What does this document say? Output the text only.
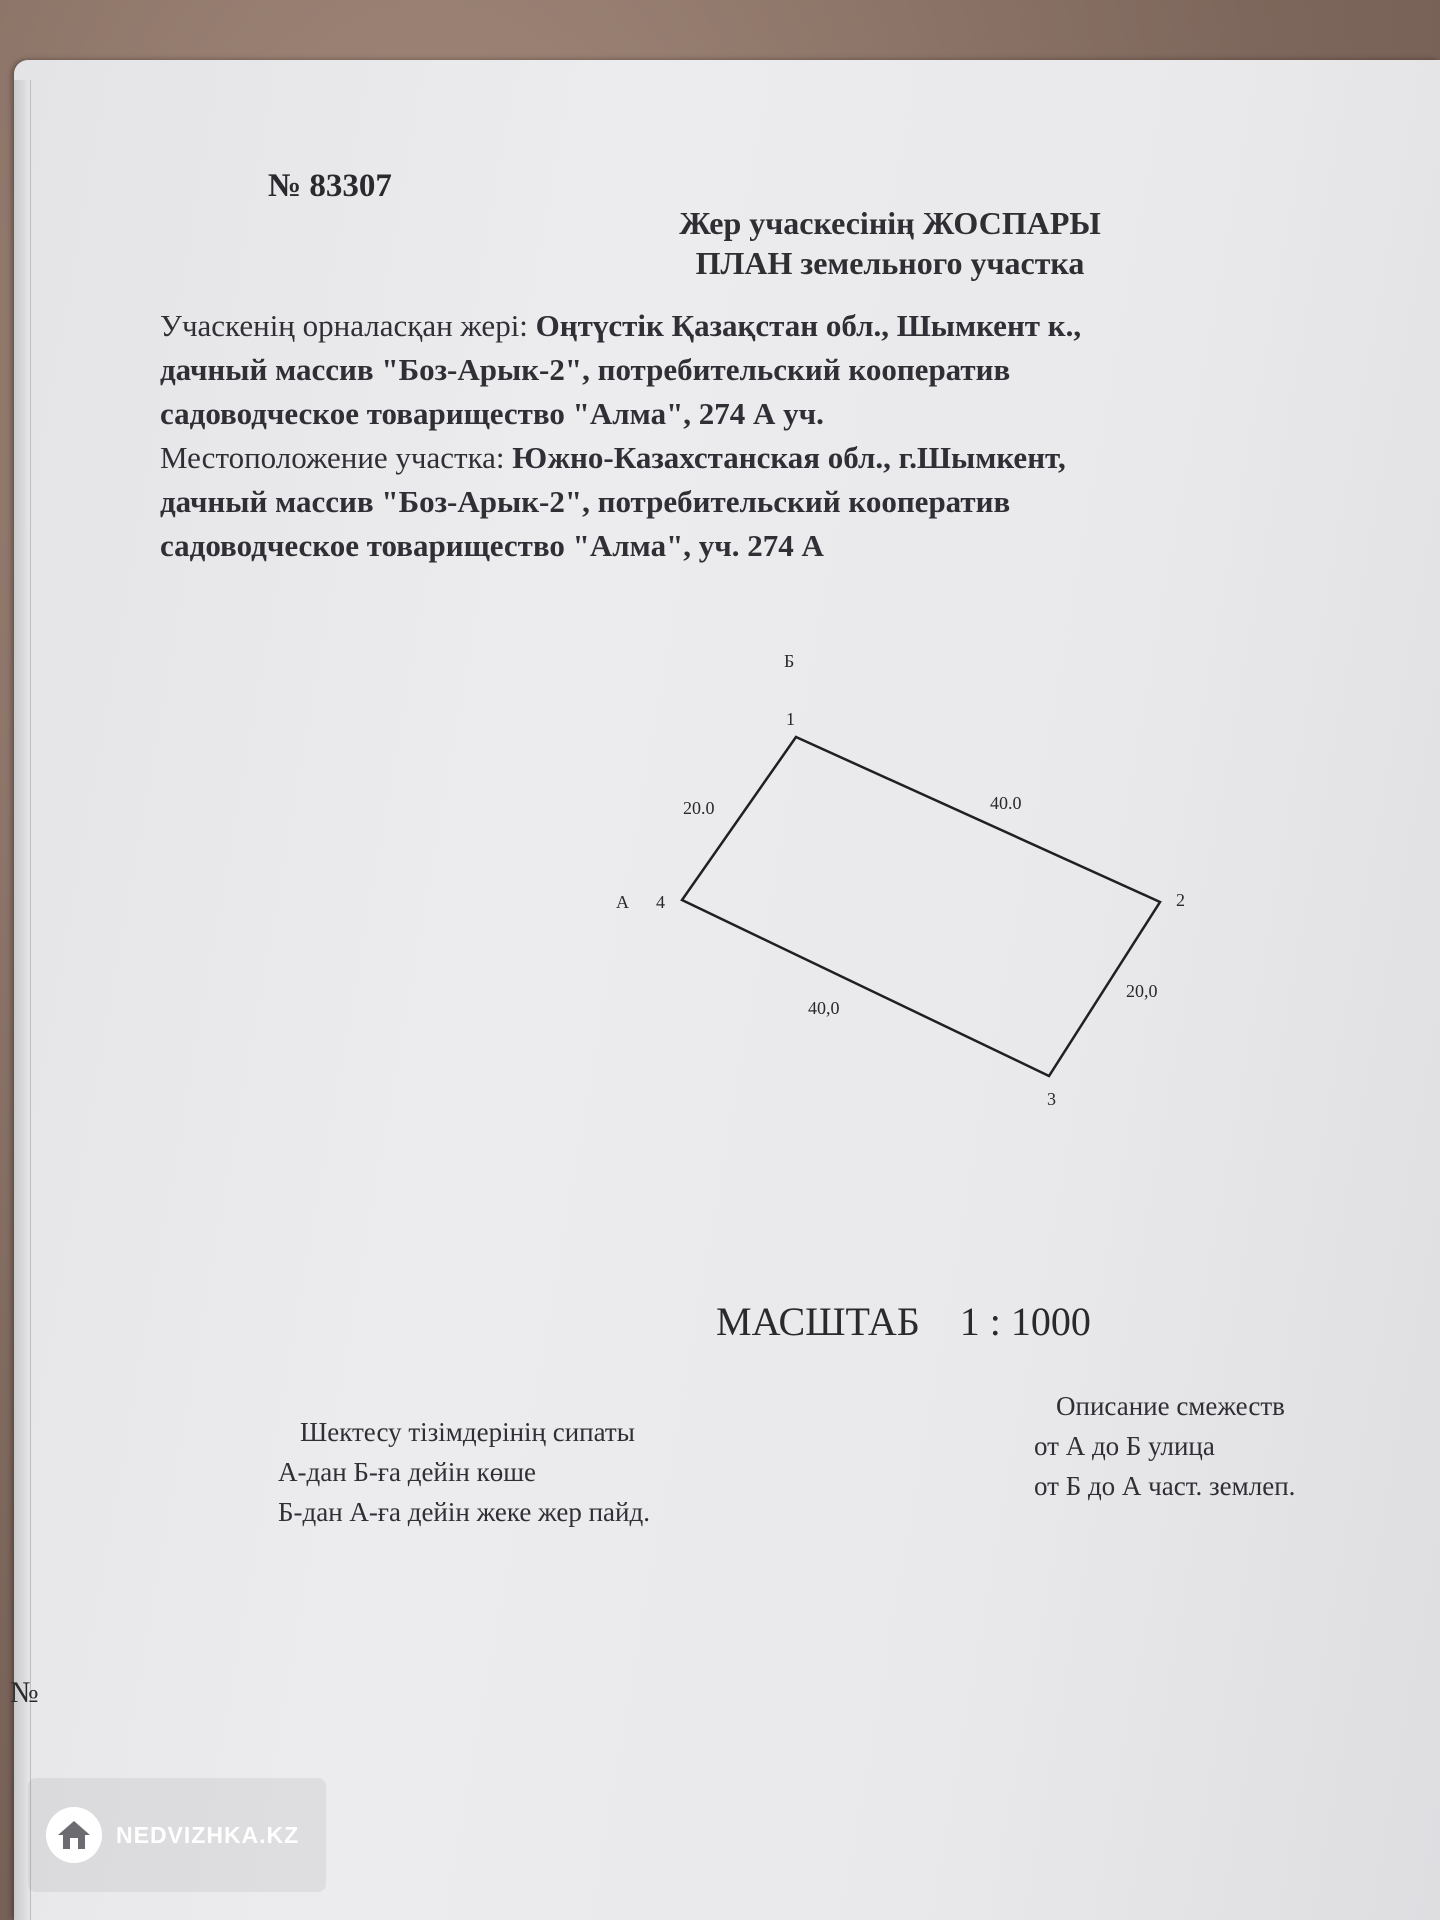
№ 83307

Жер учаскесінің ЖОСПАРЫ

ПЛАН земельного участка

Учаскенің орналасқан жері: Оңтүстік Қазақстан обл., Шымкент к.,
дачный массив "Боз-Арык-2", потребительский кооператив
садоводческое товарищество "Алма", 274 А уч.
Местоположение участка: Южно-Казахстанская обл., г.Шымкент,
дачный массив "Боз-Арык-2", потребительский кооператив
садоводческое товарищество "Алма", уч. 274 А
Б
1
2
3
4
А
40.0
20,0
40,0
20.0
МАСШТАБ 1 : 1000
Шектесу тізімдерінің сипаты
А-дан Б-ға дейін көше
Б-дан А-ға дейін жеке жер пайд.
Описание смежеств
от А до Б улица
от Б до А част. землеп.
№
NEDVIZHKA.KZ
